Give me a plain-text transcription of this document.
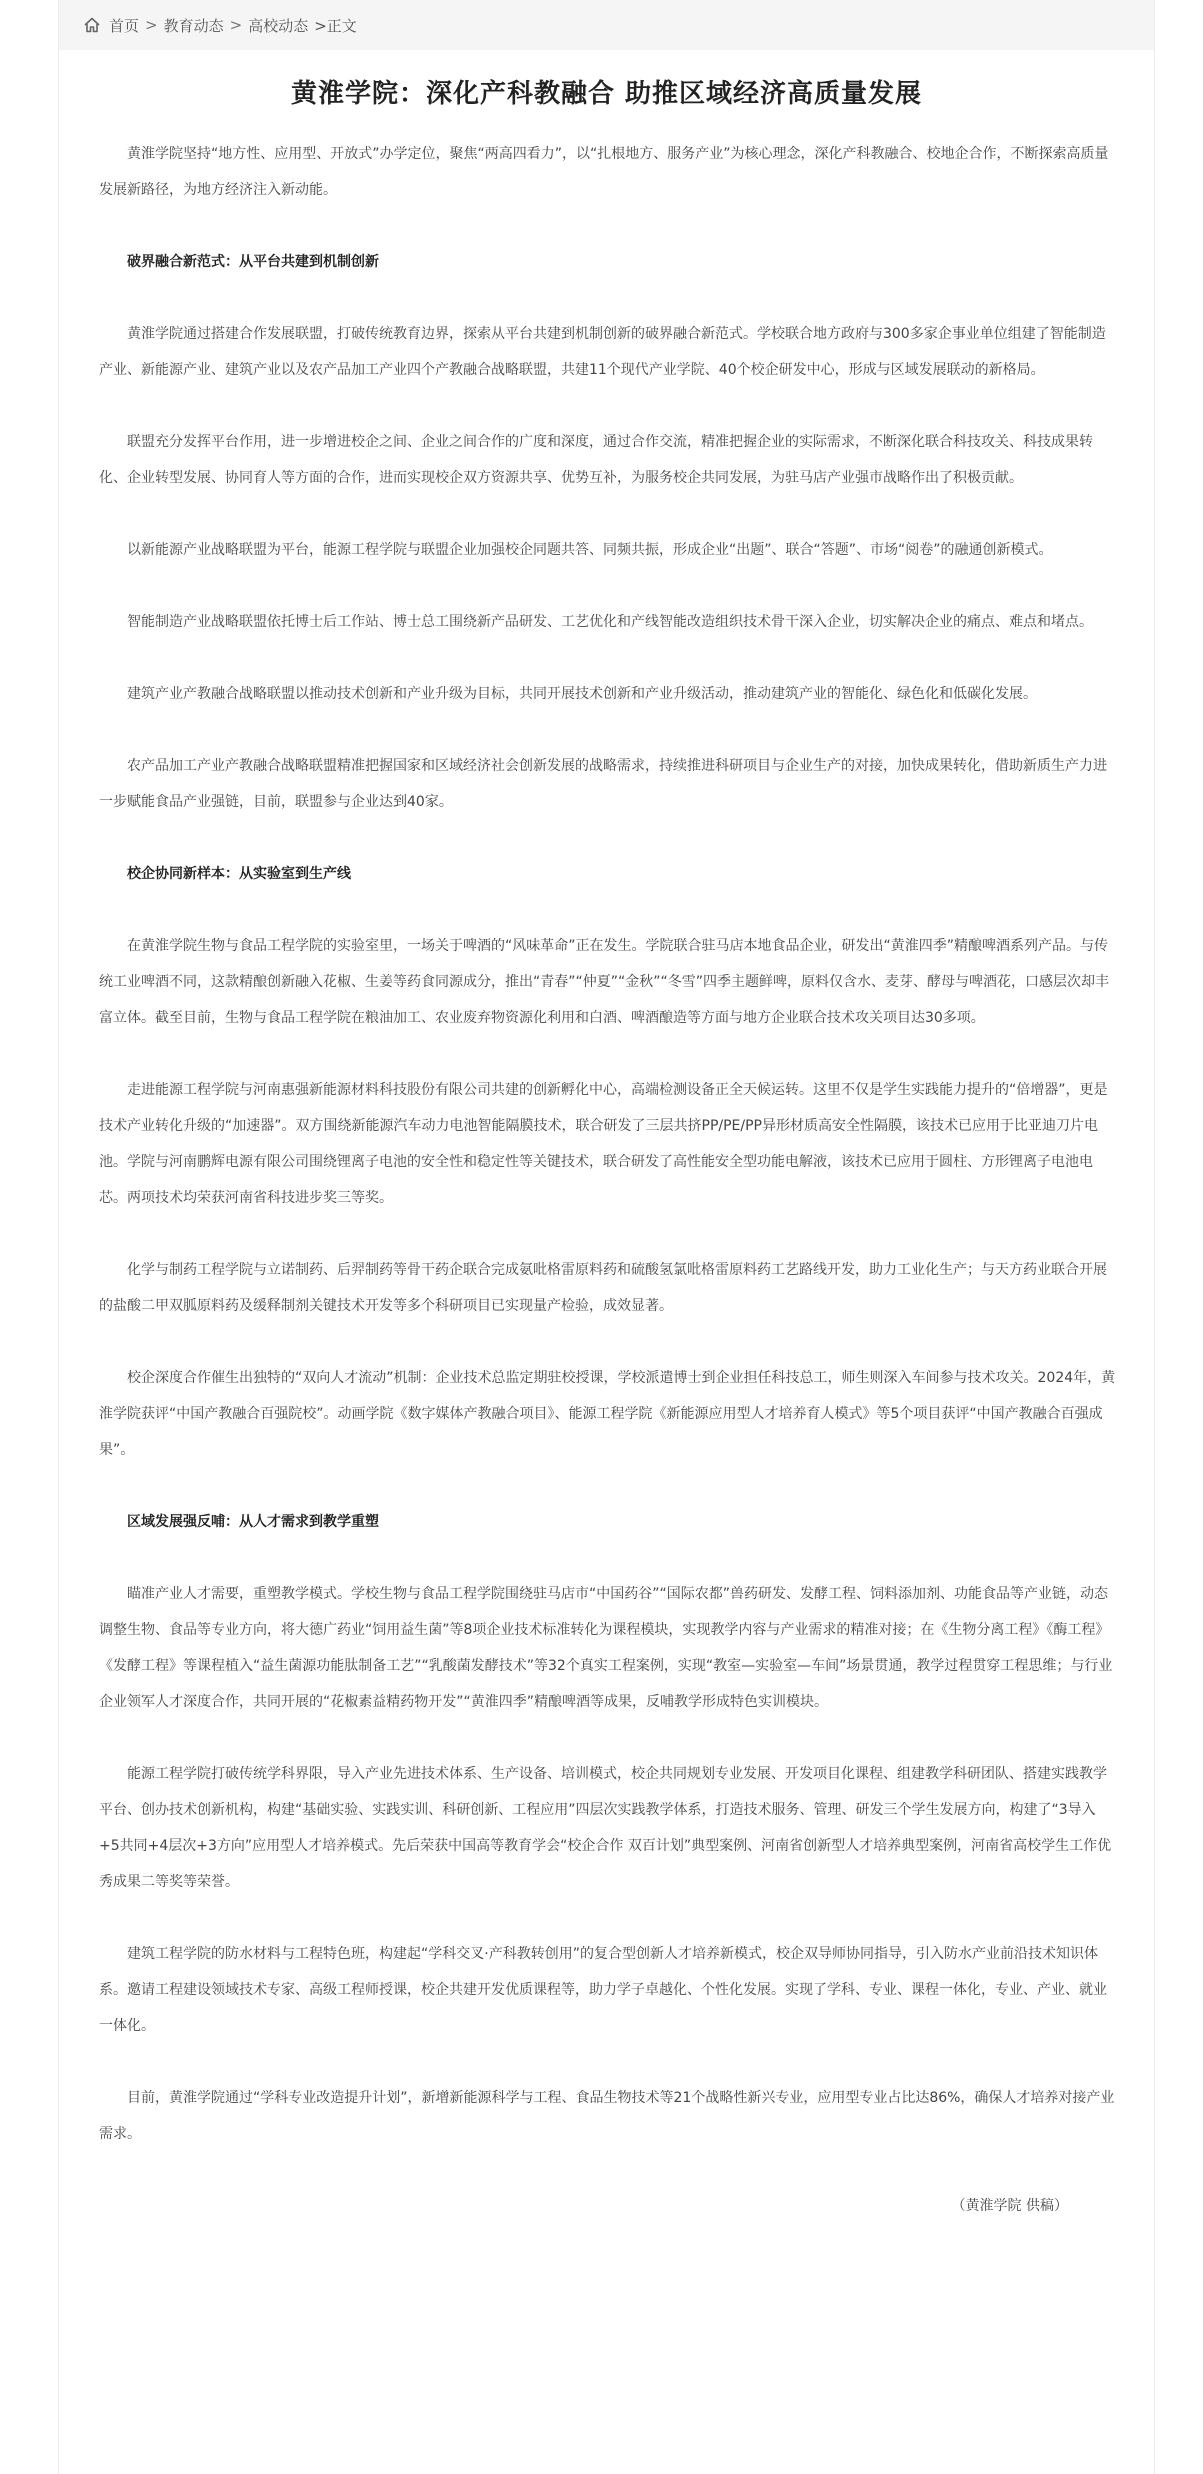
首页 > 教育动态 > 高校动态 >正文
黄淮学院：深化产科教融合 助推区域经济高质量发展

黄淮学院坚持“地方性、应用型、开放式”办学定位，聚焦“两高四看力”，以“扎根地方、服务产业”为核心理念，深化产科教融合、校地企合作，不断探索高质量发展新路径，为地方经济注入新动能。

破界融合新范式：从平台共建到机制创新

黄淮学院通过搭建合作发展联盟，打破传统教育边界，探索从平台共建到机制创新的破界融合新范式。学校联合地方政府与300多家企事业单位组建了智能制造产业、新能源产业、建筑产业以及农产品加工产业四个产教融合战略联盟，共建11个现代产业学院、40个校企研发中心，形成与区域发展联动的新格局。

联盟充分发挥平台作用，进一步增进校企之间、企业之间合作的广度和深度，通过合作交流，精准把握企业的实际需求，不断深化联合科技攻关、科技成果转化、企业转型发展、协同育人等方面的合作，进而实现校企双方资源共享、优势互补，为服务校企共同发展，为驻马店产业强市战略作出了积极贡献。

以新能源产业战略联盟为平台，能源工程学院与联盟企业加强校企同题共答、同频共振，形成企业“出题”、联合“答题”、市场“阅卷”的融通创新模式。

智能制造产业战略联盟依托博士后工作站、博士总工围绕新产品研发、工艺优化和产线智能改造组织技术骨干深入企业，切实解决企业的痛点、难点和堵点。

建筑产业产教融合战略联盟以推动技术创新和产业升级为目标，共同开展技术创新和产业升级活动，推动建筑产业的智能化、绿色化和低碳化发展。

农产品加工产业产教融合战略联盟精准把握国家和区域经济社会创新发展的战略需求，持续推进科研项目与企业生产的对接，加快成果转化，借助新质生产力进一步赋能食品产业强链，目前，联盟参与企业达到40家。

校企协同新样本：从实验室到生产线

在黄淮学院生物与食品工程学院的实验室里，一场关于啤酒的“风味革命”正在发生。学院联合驻马店本地食品企业，研发出“黄淮四季”精酿啤酒系列产品。与传统工业啤酒不同，这款精酿创新融入花椒、生姜等药食同源成分，推出“青春”“仲夏”“金秋”“冬雪”四季主题鲜啤，原料仅含水、麦芽、酵母与啤酒花，口感层次却丰富立体。截至目前，生物与食品工程学院在粮油加工、农业废弃物资源化利用和白酒、啤酒酿造等方面与地方企业联合技术攻关项目达30多项。

走进能源工程学院与河南惠强新能源材料科技股份有限公司共建的创新孵化中心，高端检测设备正全天候运转。这里不仅是学生实践能力提升的“倍增器”，更是技术产业转化升级的“加速器”。双方围绕新能源汽车动力电池智能隔膜技术，联合研发了三层共挤PP/PE/PP异形材质高安全性隔膜，该技术已应用于比亚迪刀片电池。学院与河南鹏辉电源有限公司围绕锂离子电池的安全性和稳定性等关键技术，联合研发了高性能安全型功能电解液，该技术已应用于圆柱、方形锂离子电池电芯。两项技术均荣获河南省科技进步奖三等奖。

化学与制药工程学院与立诺制药、后羿制药等骨干药企联合完成氨吡格雷原料药和硫酸氢氯吡格雷原料药工艺路线开发，助力工业化生产；与天方药业联合开展的盐酸二甲双胍原料药及缓释制剂关键技术开发等多个科研项目已实现量产检验，成效显著。

校企深度合作催生出独特的“双向人才流动”机制：企业技术总监定期驻校授课，学校派遣博士到企业担任科技总工，师生则深入车间参与技术攻关。2024年，黄淮学院获评“中国产教融合百强院校”。动画学院《数字媒体产教融合项目》、能源工程学院《新能源应用型人才培养育人模式》等5个项目获评“中国产教融合百强成果”。

区域发展强反哺：从人才需求到教学重塑

瞄准产业人才需要，重塑教学模式。学校生物与食品工程学院围绕驻马店市“中国药谷”“国际农都”兽药研发、发酵工程、饲料添加剂、功能食品等产业链，动态调整生物、食品等专业方向，将大德广药业“饲用益生菌”等8项企业技术标准转化为课程模块，实现教学内容与产业需求的精准对接；在《生物分离工程》《酶工程》《发酵工程》等课程植入“益生菌源功能肽制备工艺”“乳酸菌发酵技术”等32个真实工程案例，实现“教室—实验室—车间”场景贯通，教学过程贯穿工程思维；与行业企业领军人才深度合作，共同开展的“花椒素益精药物开发”“黄淮四季”精酿啤酒等成果，反哺教学形成特色实训模块。

能源工程学院打破传统学科界限，导入产业先进技术体系、生产设备、培训模式，校企共同规划专业发展、开发项目化课程、组建教学科研团队、搭建实践教学平台、创办技术创新机构，构建“基础实验、实践实训、科研创新、工程应用”四层次实践教学体系，打造技术服务、管理、研发三个学生发展方向，构建了“3导入+5共同+4层次+3方向”应用型人才培养模式。先后荣获中国高等教育学会“校企合作 双百计划”典型案例、河南省创新型人才培养典型案例，河南省高校学生工作优秀成果二等奖等荣誉。

建筑工程学院的防水材料与工程特色班，构建起“学科交叉·产科教转创用”的复合型创新人才培养新模式，校企双导师协同指导，引入防水产业前沿技术知识体系。邀请工程建设领域技术专家、高级工程师授课，校企共建开发优质课程等，助力学子卓越化、个性化发展。实现了学科、专业、课程一体化，专业、产业、就业一体化。

目前，黄淮学院通过“学科专业改造提升计划”，新增新能源科学与工程、食品生物技术等21个战略性新兴专业，应用型专业占比达86%，确保人才培养对接产业需求。

（黄淮学院 供稿）
